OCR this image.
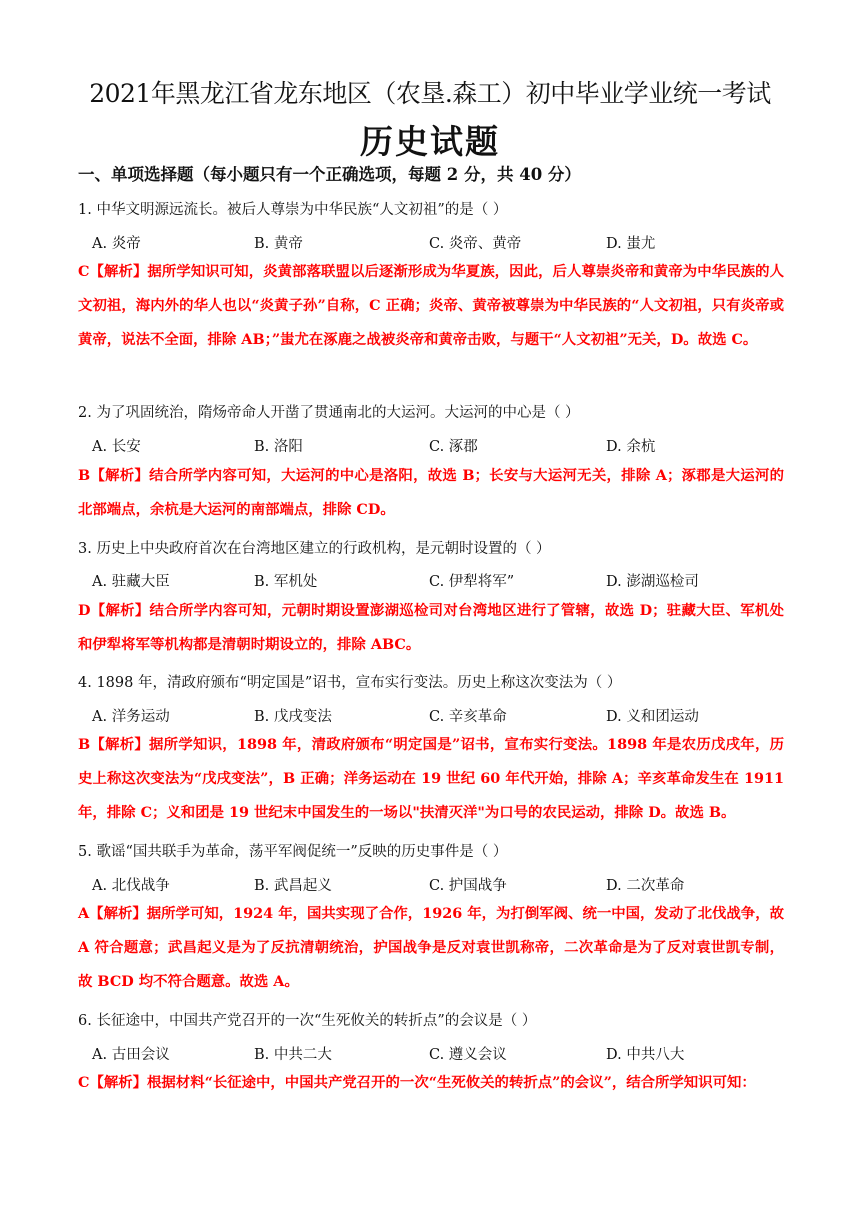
2021年黑龙江省龙东地区（农垦.森工）初中毕业学业统一考试
历史试题
一、单项选择题（每小题只有一个正确选项，每题 2 分，共 40 分）
1. 中华文明源远流长。被后人尊崇为中华民族“人文初祖”的是（ ）
A. 炎帝	B. 黄帝	C. 炎帝、黄帝	D. 蚩尤
C【解析】据所学知识可知，炎黄部落联盟以后逐渐形成为华夏族，因此，后人尊崇炎帝和黄帝为中华民族的人文初祖，海内外的华人也以“炎黄子孙”自称，C 正确；炎帝、黄帝被尊崇为中华民族的“人文初祖，只有炎帝或黄帝，说法不全面，排除 AB；”蚩尤在涿鹿之战被炎帝和黄帝击败，与题干“人文初祖”无关，D。故选 C。
2. 为了巩固统治，隋炀帝命人开凿了贯通南北的大运河。大运河的中心是（ ）
A. 长安	B. 洛阳	C. 涿郡	D. 余杭
B【解析】结合所学内容可知，大运河的中心是洛阳，故选 B；长安与大运河无关，排除 A；涿郡是大运河的北部端点，余杭是大运河的南部端点，排除 CD。
3. 历史上中央政府首次在台湾地区建立的行政机构，是元朝时设置的（ ）
A. 驻藏大臣	B. 军机处	C. 伊犁将军”	D. 澎湖巡检司
D【解析】结合所学内容可知，元朝时期设置澎湖巡检司对台湾地区进行了管辖，故选 D；驻藏大臣、军机处和伊犁将军等机构都是清朝时期设立的，排除 ABC。
4. 1898 年，清政府颁布“明定国是”诏书，宣布实行变法。历史上称这次变法为（ ）
A. 洋务运动	B. 戊戌变法	C. 辛亥革命	D. 义和团运动
B【解析】据所学知识，1898 年，清政府颁布“明定国是”诏书，宣布实行变法。1898 年是农历戊戌年，历史上称这次变法为“戊戌变法”，B 正确；洋务运动在 19 世纪 60 年代开始，排除 A；辛亥革命发生在 1911 年，排除 C；义和团是 19 世纪末中国发生的一场以"扶清灭洋"为口号的农民运动，排除 D。故选 B。
5. 歌谣“国共联手为革命，荡平军阀促统一”反映的历史事件是（ ）
A. 北伐战争	B. 武昌起义	C. 护国战争	D. 二次革命
A【解析】据所学可知，1924 年，国共实现了合作，1926 年，为打倒军阀、统一中国，发动了北伐战争，故 A 符合题意；武昌起义是为了反抗清朝统治，护国战争是反对袁世凯称帝，二次革命是为了反对袁世凯专制，故 BCD 均不符合题意。故选 A。
6. 长征途中，中国共产党召开的一次“生死攸关的转折点”的会议是（ ）
A. 古田会议	B. 中共二大	C. 遵义会议	D. 中共八大
C【解析】根据材料“长征途中，中国共产党召开的一次“生死攸关的转折点”的会议”，结合所学知识可知：
